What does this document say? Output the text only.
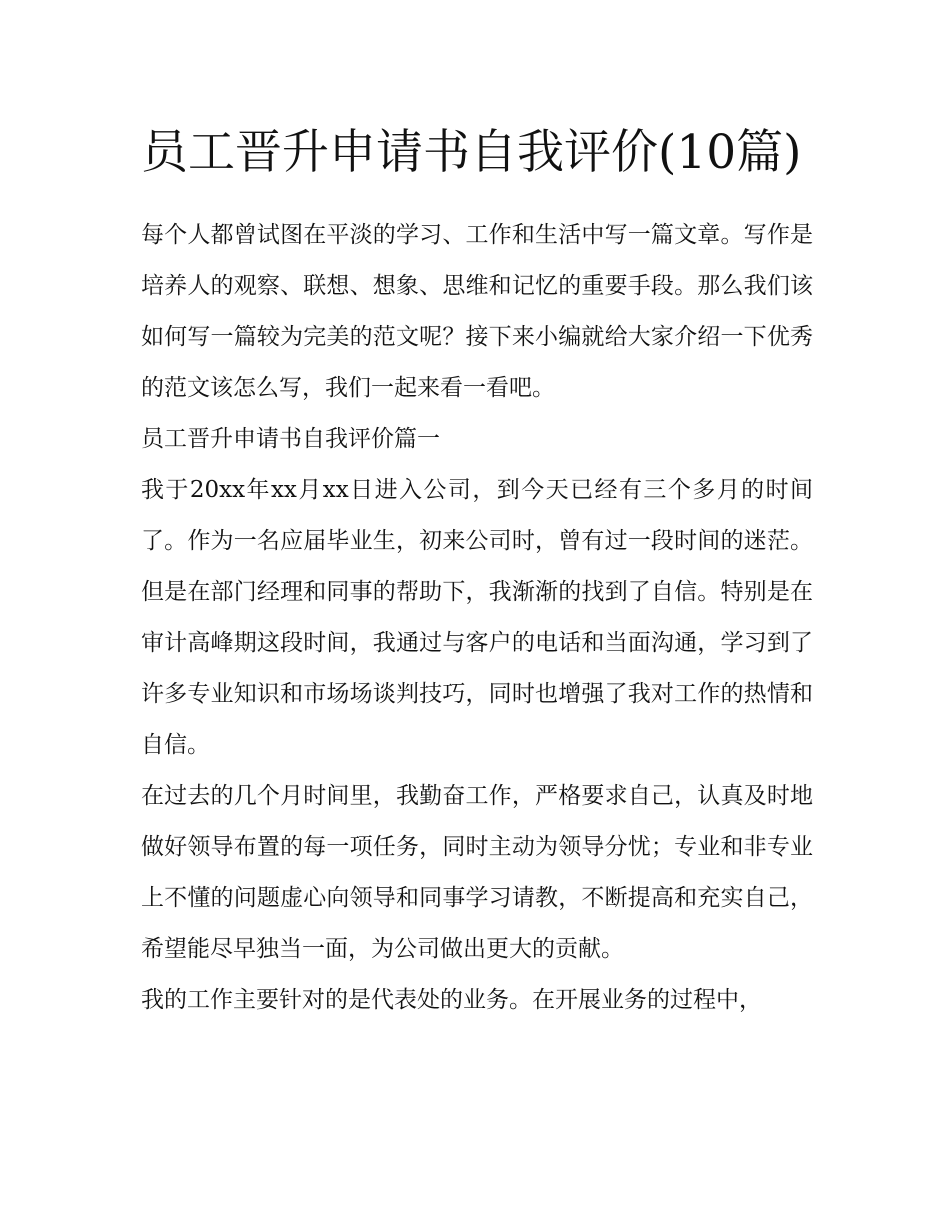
员工晋升申请书自我评价(10篇)

每个人都曾试图在平淡的学习、工作和生活中写一篇文章。写作是培养人的观察、联想、想象、思维和记忆的重要手段。那么我们该如何写一篇较为完美的范文呢？接下来小编就给大家介绍一下优秀的范文该怎么写，我们一起来看一看吧。

员工晋升申请书自我评价篇一

我于20xx年xx月xx日进入公司，到今天已经有三个多月的时间了。作为一名应届毕业生，初来公司时，曾有过一段时间的迷茫。但是在部门经理和同事的帮助下，我渐渐的找到了自信。特别是在审计高峰期这段时间，我通过与客户的电话和当面沟通，学习到了许多专业知识和市场场谈判技巧，同时也增强了我对工作的热情和自信。

在过去的几个月时间里，我勤奋工作，严格要求自己，认真及时地做好领导布置的每一项任务，同时主动为领导分忧；专业和非专业上不懂的问题虚心向领导和同事学习请教，不断提高和充实自己，希望能尽早独当一面，为公司做出更大的贡献。

我的工作主要针对的是代表处的业务。在开展业务的过程中，
